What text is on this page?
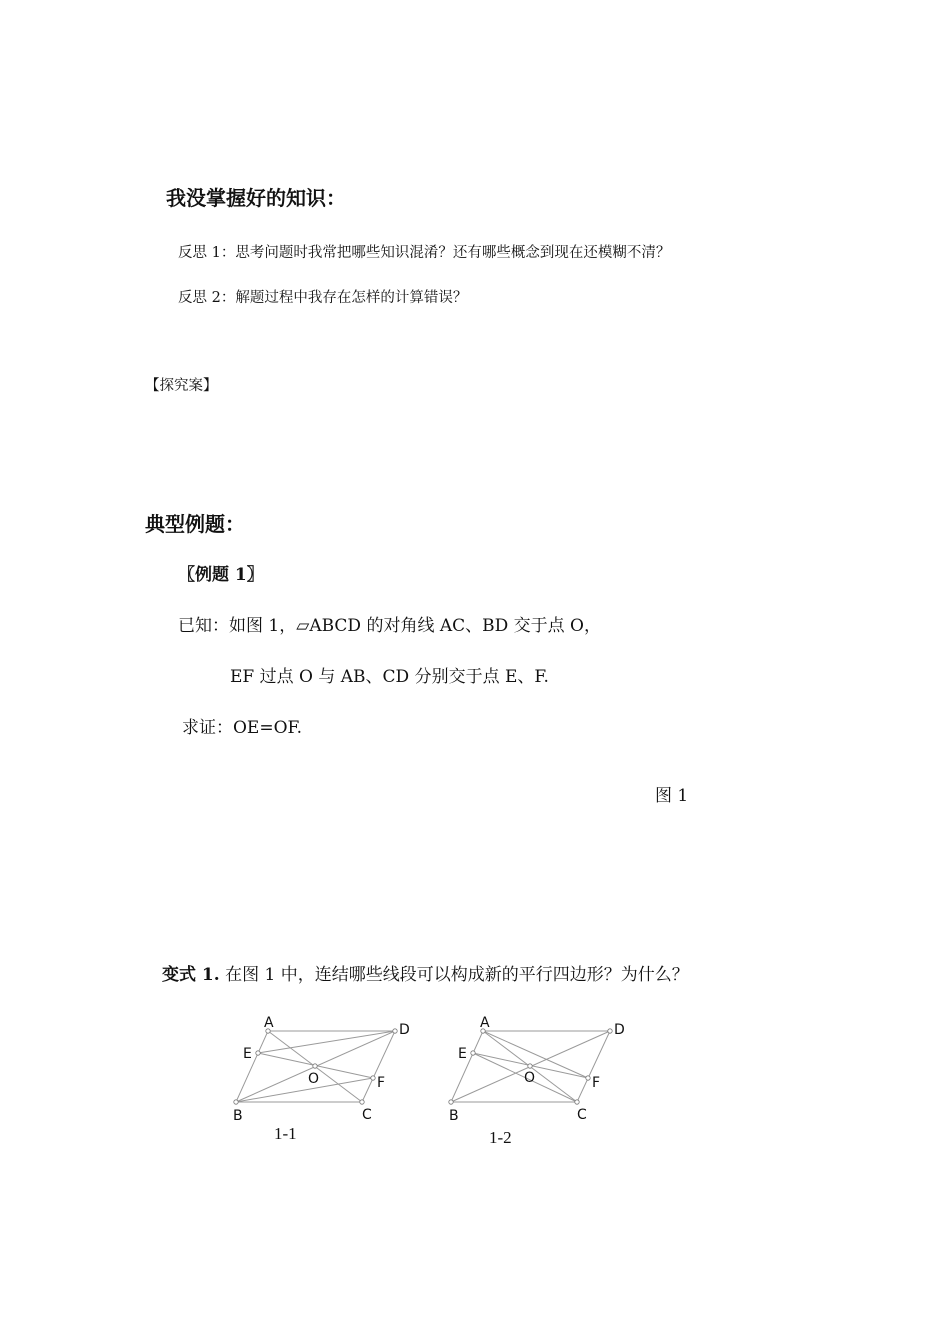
我没掌握好的知识：
反思 1：思考问题时我常把哪些知识混淆？还有哪些概念到现在还模糊不清？
反思 2：解题过程中我存在怎样的计算错误？
【探究案】
典型例题：
〖例题 1〗
已知：如图 1，▱ABCD 的对角线 AC、BD 交于点 O，
EF 过点 O 与 AB、CD 分别交于点 E、F.
求证：OE=OF.
图 1
变式 1. 在图 1 中，连结哪些线段可以构成新的平行四边形？为什么？
A	D
E
O	F
B	C
1-1
A	D
E
O	F
B	C
1-2
